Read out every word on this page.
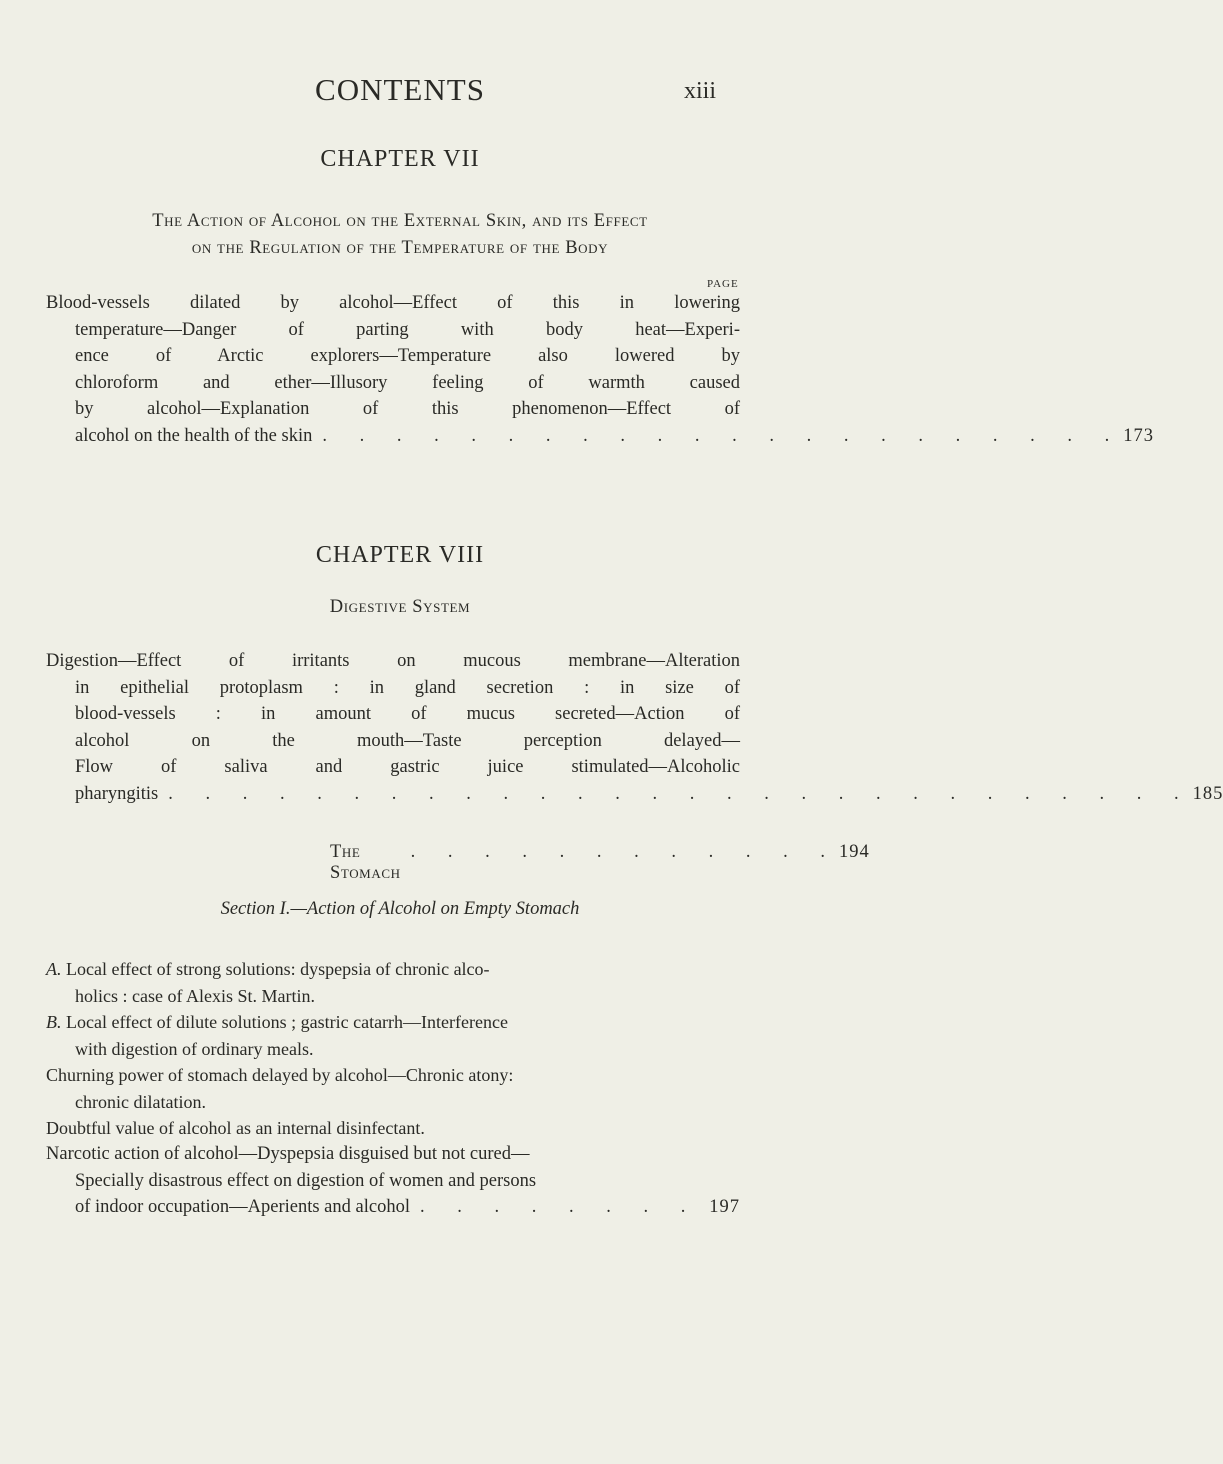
CONTENTS	xiii
CHAPTER VII
The Action of Alcohol on the External Skin, and its Effect
on the Regulation of the Temperature of the Body
PAGE
Blood-vessels dilated by alcohol—Effect of this in lowering
temperature—Danger of parting with body heat—Experi-
ence of Arctic explorers—Temperature also lowered by
chloroform and ether—Illusory feeling of warmth caused
by alcohol—Explanation of this phenomenon—Effect of
alcohol on the health of the skin . . . . . . . . . . . . . . . . . . . . . . 173
CHAPTER VIII
Digestive System
Digestion—Effect of irritants on mucous membrane—Alteration
in epithelial protoplasm : in gland secretion : in size of
blood-vessels : in amount of mucus secreted—Action of
alcohol on the mouth—Taste perception delayed—
Flow of saliva and gastric juice stimulated—Alcoholic
pharyngitis . . . . . . . . . . . . . . . . . . . . . . . . . . . . 185
The Stomach
. . . . . . . . . . . . 194
Section I.—Action of Alcohol on Empty Stomach
A. Local effect of strong solutions: dyspepsia of chronic alco-
holics : case of Alexis St. Martin.
B. Local effect of dilute solutions ; gastric catarrh—Interference
with digestion of ordinary meals.
Churning power of stomach delayed by alcohol—Chronic atony:
chronic dilatation.
Doubtful value of alcohol as an internal disinfectant.
Narcotic action of alcohol—Dyspepsia disguised but not cured—
Specially disastrous effect on digestion of women and persons
of indoor occupation—Aperients and alcohol . . . . . . . . 197
